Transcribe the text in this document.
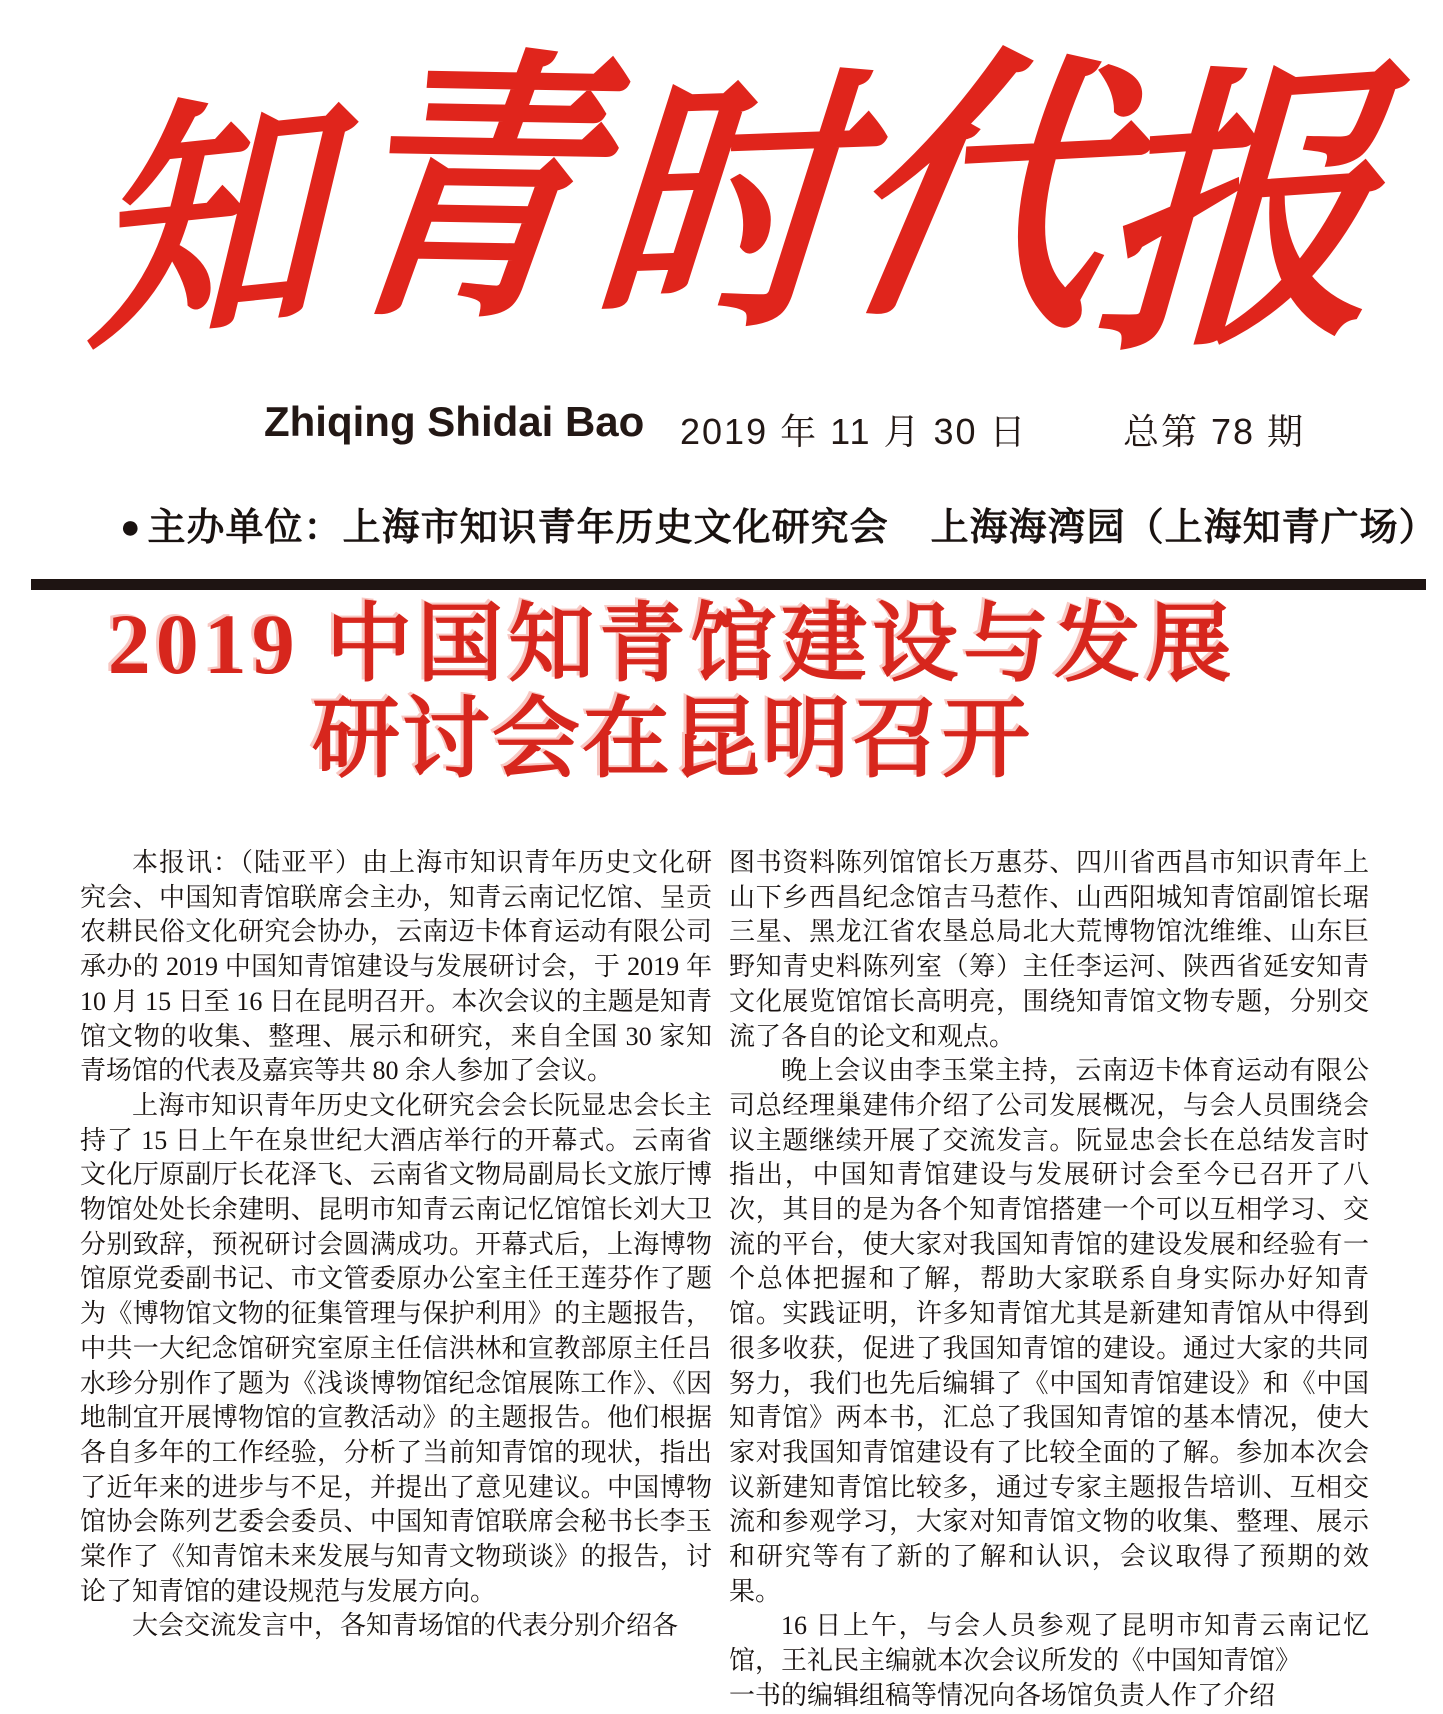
知
青
时
代
报
Zhiqing Shidai Bao 2019 年 11 月 30 日	总第 78 期
● 主办单位：上海市知识青年历史文化研究会 上海海湾园（上海知青广场）
2019 中国知青馆建设与发展
研讨会在昆明召开

本报讯：（陆亚平）由上海市知识青年历史文化研究会、中国知青馆联席会主办，知青云南记忆馆、呈贡农耕民俗文化研究会协办，云南迈卡体育运动有限公司承办的 2019 中国知青馆建设与发展研讨会，于 2019 年 10 月 15 日至 16 日在昆明召开。本次会议的主题是知青馆文物的收集、整理、展示和研究，来自全国 30 家知青场馆的代表及嘉宾等共 80 余人参加了会议。

上海市知识青年历史文化研究会会长阮显忠会长主持了 15 日上午在泉世纪大酒店举行的开幕式。云南省文化厅原副厅长花泽飞、云南省文物局副局长文旅厅博物馆处处长余建明、昆明市知青云南记忆馆馆长刘大卫分别致辞，预祝研讨会圆满成功。开幕式后，上海博物馆原党委副书记、市文管委原办公室主任王莲芬作了题为《博物馆文物的征集管理与保护利用》的主题报告，中共一大纪念馆研究室原主任信洪林和宣教部原主任吕水珍分别作了题为《浅谈博物馆纪念馆展陈工作》、《因地制宜开展博物馆的宣教活动》的主题报告。他们根据各自多年的工作经验，分析了当前知青馆的现状，指出了近年来的进步与不足，并提出了意见建议。中国博物馆协会陈列艺委会委员、中国知青馆联席会秘书长李玉棠作了《知青馆未来发展与知青文物琐谈》的报告，讨论了知青馆的建设规范与发展方向。

大会交流发言中，各知青场馆的代表分别介绍各

图书资料陈列馆馆长万惠芬、四川省西昌市知识青年上山下乡西昌纪念馆吉马惹作、山西阳城知青馆副馆长琚三星、黑龙江省农垦总局北大荒博物馆沈维维、山东巨野知青史料陈列室（筹）主任李运河、陕西省延安知青文化展览馆馆长高明亮，围绕知青馆文物专题，分别交流了各自的论文和观点。

晚上会议由李玉棠主持，云南迈卡体育运动有限公司总经理巢建伟介绍了公司发展概况，与会人员围绕会议主题继续开展了交流发言。阮显忠会长在总结发言时指出，中国知青馆建设与发展研讨会至今已召开了八次，其目的是为各个知青馆搭建一个可以互相学习、交流的平台，使大家对我国知青馆的建设发展和经验有一个总体把握和了解，帮助大家联系自身实际办好知青馆。实践证明，许多知青馆尤其是新建知青馆从中得到很多收获，促进了我国知青馆的建设。通过大家的共同努力，我们也先后编辑了《中国知青馆建设》和《中国知青馆》两本书，汇总了我国知青馆的基本情况，使大家对我国知青馆建设有了比较全面的了解。参加本次会议新建知青馆比较多，通过专家主题报告培训、互相交流和参观学习，大家对知青馆文物的收集、整理、展示和研究等有了新的了解和认识，会议取得了预期的效果。

16 日上午，与会人员参观了昆明市知青云南记忆馆，王礼民主编就本次会议所发的《中国知青馆》

一书的编辑组稿等情况向各场馆负责人作了介绍
